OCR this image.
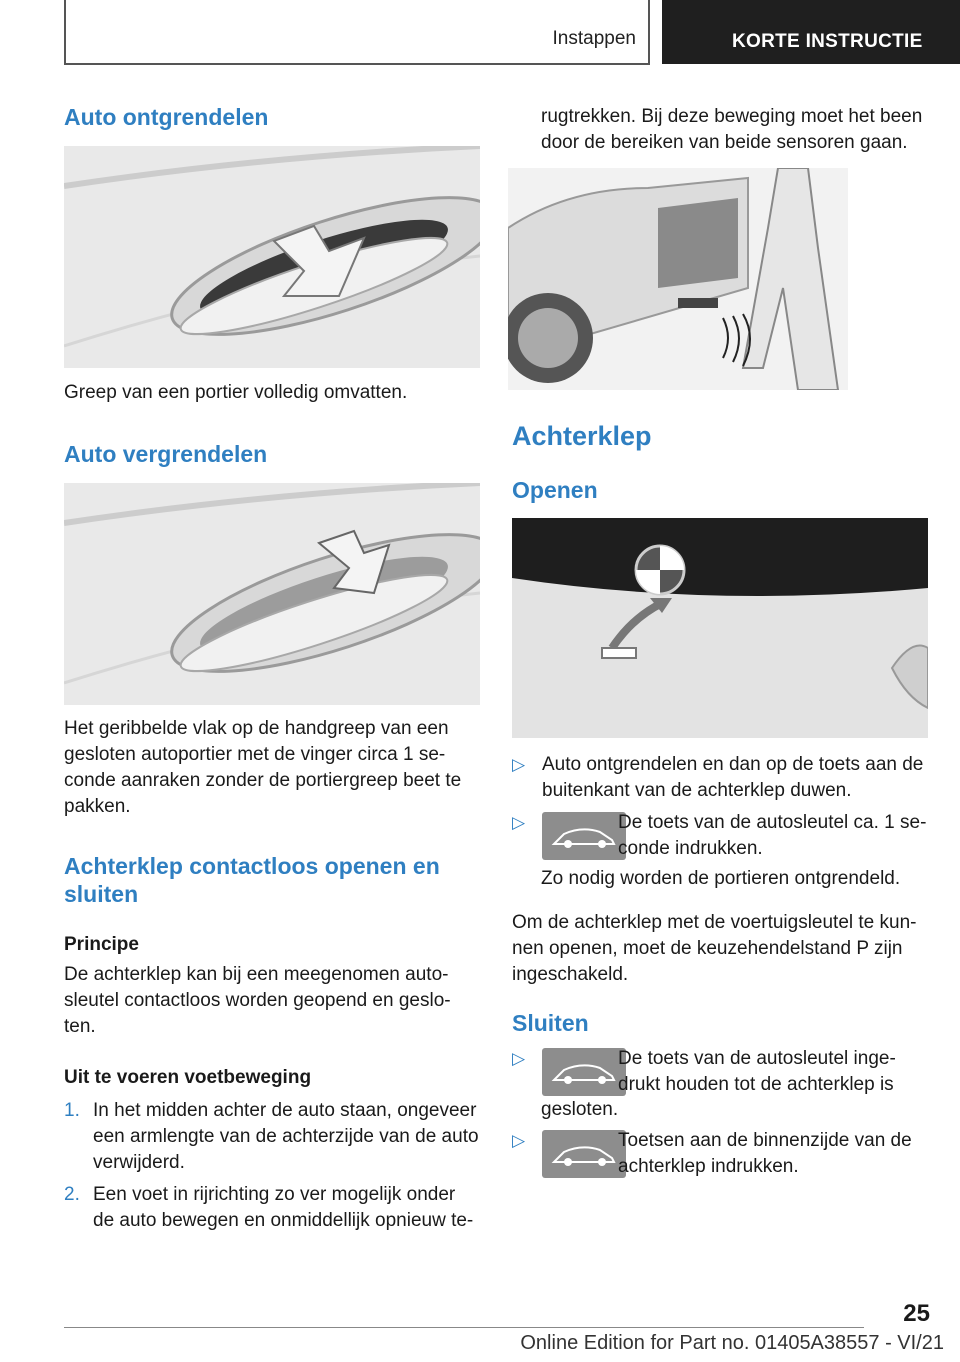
Instappen	KORTE INSTRUCTIE
Auto ontgrendelen
Greep van een portier volledig omvatten.
Auto vergrendelen
Het geribbelde vlak op de handgreep van een gesloten autoportier met de vinger circa 1 se-conde aanraken zonder de portiergreep beet te pakken.
Achterklep contactloos openen en sluiten
Principe
De achterklep kan bij een meegenomen auto-sleutel contactloos worden geopend en geslo-ten.
Uit te voeren voetbeweging
1. In het midden achter de auto staan, ongeveer een armlengte van de achterzijde van de auto verwijderd.
2. Een voet in rijrichting zo ver mogelijk onder de auto bewegen en onmiddellijk opnieuw te-
rugtrekken. Bij deze beweging moet het been door de bereiken van beide sensoren gaan.
Achterklep
Openen
▷ Auto ontgrendelen en dan op de toets aan de buitenkant van de achterklep duwen.
▷	De toets van de autosleutel ca. 1 se-conde indrukken.
Zo nodig worden de portieren ontgrendeld.
Om de achterklep met de voertuigsleutel te kun-nen openen, moet de keuzehendelstand P zijn ingeschakeld.
Sluiten
▷	De toets van de autosleutel inge-drukt houden tot de achterklep is
gesloten.
▷	Toetsen aan de binnenzijde van de achterklep indrukken.
25
Online Edition for Part no. 01405A38557 - VI/21
